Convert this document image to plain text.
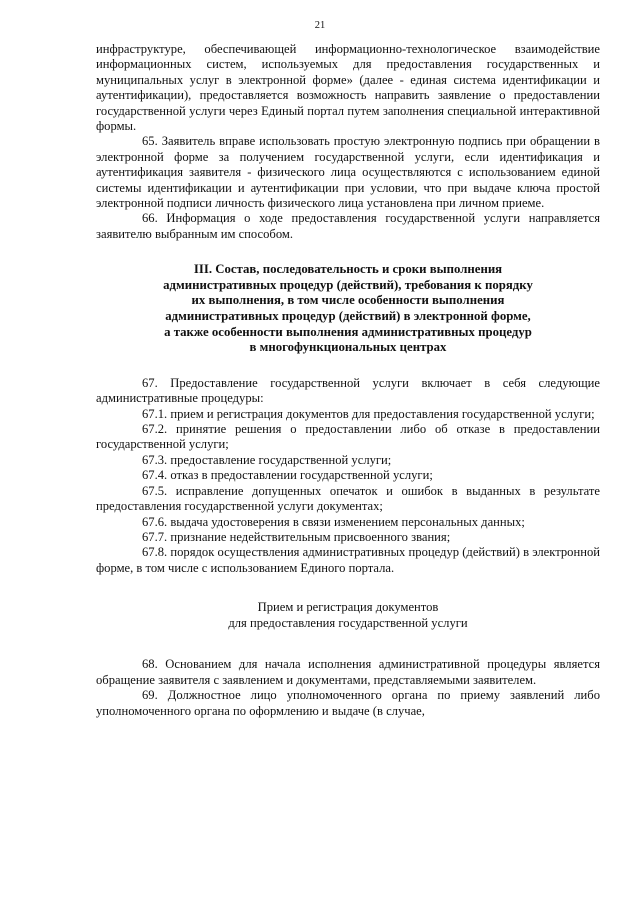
21

инфраструктуре, обеспечивающей информационно-технологическое взаимодействие информационных систем, используемых для предоставления государственных и муниципальных услуг в электронной форме» (далее - единая система идентификации и аутентификации), предоставляется возможность направить заявление о предоставлении государственной услуги через Единый портал путем заполнения специальной интерактивной формы.

65. Заявитель вправе использовать простую электронную подпись при обращении в электронной форме за получением государственной услуги, если идентификация и аутентификация заявителя - физического лица осуществляются с использованием единой системы идентификации и аутентификации при условии, что при выдаче ключа простой электронной подписи личность физического лица установлена при личном приеме.

66. Информация о ходе предоставления государственной услуги направляется заявителю выбранным им способом.

III. Состав, последовательность и сроки выполнения
административных процедур (действий), требования к порядку
их выполнения, в том числе особенности выполнения
административных процедур (действий) в электронной форме,
а также особенности выполнения административных процедур
в многофункциональных центрах

67. Предоставление государственной услуги включает в себя следующие административные процедуры:

67.1. прием и регистрация документов для предоставления государственной услуги;

67.2. принятие решения о предоставлении либо об отказе в предоставлении государственной услуги;

67.3. предоставление государственной услуги;

67.4. отказ в предоставлении государственной услуги;

67.5. исправление допущенных опечаток и ошибок в выданных в результате предоставления государственной услуги документах;

67.6. выдача удостоверения в связи изменением персональных данных;

67.7. признание недействительным присвоенного звания;

67.8. порядок осуществления административных процедур (действий) в электронной форме, в том числе с использованием Единого портала.

Прием и регистрация документов
для предоставления государственной услуги

68. Основанием для начала исполнения административной процедуры является обращение заявителя с заявлением и документами, представляемыми заявителем.

69. Должностное лицо уполномоченного органа по приему заявлений либо уполномоченного органа по оформлению и выдаче (в случае,
